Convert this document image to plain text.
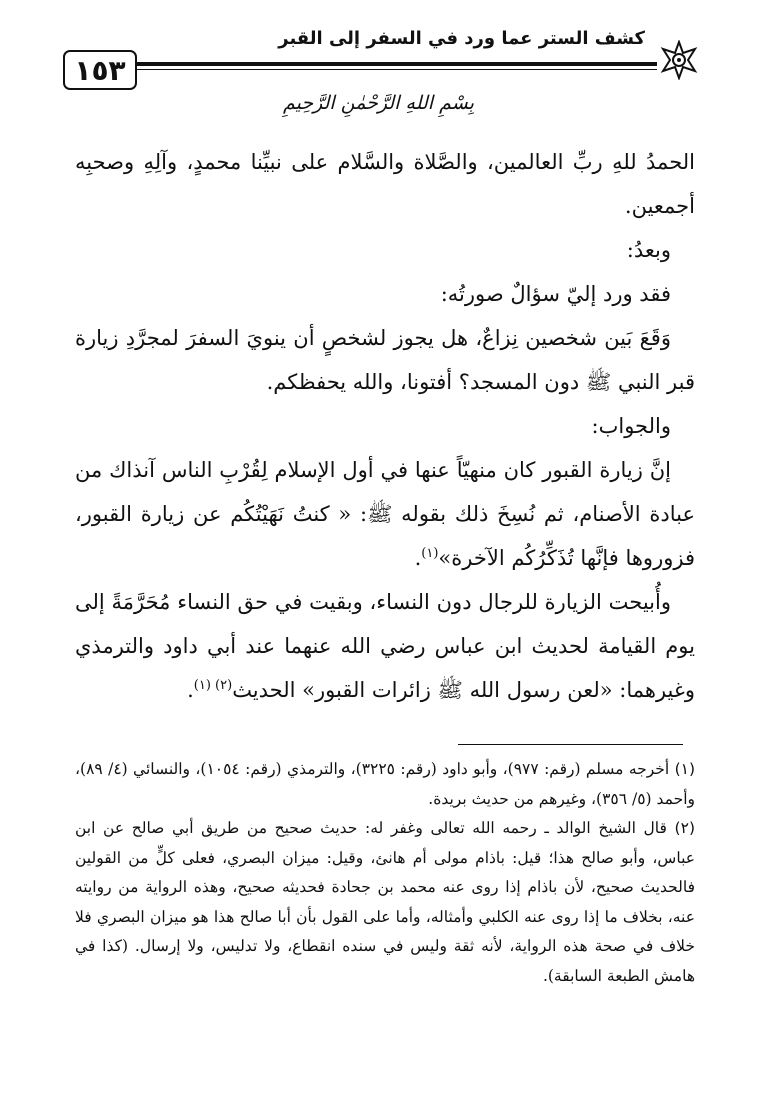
١٥٣
كشف الستر عما ورد في السفر إلى القبر
بِسْمِ اللهِ الرَّحْمٰنِ الرَّحِيمِ

الحمدُ للهِ ربِّ العالمين، والصَّلاة والسَّلام على نبيِّنا محمدٍ، وآلِهِ وصحبِه أجمعين.

وبعدُ:

فقد ورد إليّ سؤالٌ صورتُه:

وَقَعَ بَين شخصين نِزاعٌ، هل يجوز لشخصٍ أن ينويَ السفرَ لمجرَّدِ زيارة قبر النبي ﷺ دون المسجد؟ أفتونا، والله يحفظكم.

والجواب:

إنَّ زيارة القبور كان منهيّاً عنها في أول الإسلام لِقُرْبِ الناس آنذاك من عبادة الأصنام، ثم نُسِخَ ذلك بقوله ﷺ: « كنتُ نَهَيْتُكُم عن زيارة القبور، فزوروها فإنَّها تُذَكِّرُكُم الآخرة»$^{(١)}$.

وأُبيحت الزيارة للرجال دون النساء، وبقيت في حق النساء مُحَرَّمَةً إلى يوم القيامة لحديث ابن عباس رضي الله عنهما عند أبي داود والترمذي وغيرهما: «لعن رسول الله ﷺ زائرات القبور» الحديث$^{(٢) (١)}$.

(١) أخرجه مسلم (رقم: ٩٧٧)، وأبو داود (رقم: ٣٢٢٥)، والترمذي (رقم: ١٠٥٤)، والنسائي (٤/ ٨٩)، وأحمد (٥/ ٣٥٦)، وغيرهم من حديث بريدة.

(٢) قال الشيخ الوالد ـ رحمه الله تعالى وغفر له: حديث صحيح من طريق أبي صالح عن ابن عباس، وأبو صالح هذا؛ قيل: باذام مولى أم هانئ، وقيل: ميزان البصري، فعلى كلٍّ من القولين فالحديث صحيح، لأن باذام إذا روى عنه محمد بن جحادة فحديثه صحيح، وهذه الرواية من روايته عنه، بخلاف ما إذا روى عنه الكلبي وأمثاله، وأما على القول بأن أبا صالح هذا هو ميزان البصري فلا خلاف في صحة هذه الرواية، لأنه ثقة وليس في سنده انقطاع، ولا تدليس، ولا إرسال. (كذا في هامش الطبعة السابقة).
